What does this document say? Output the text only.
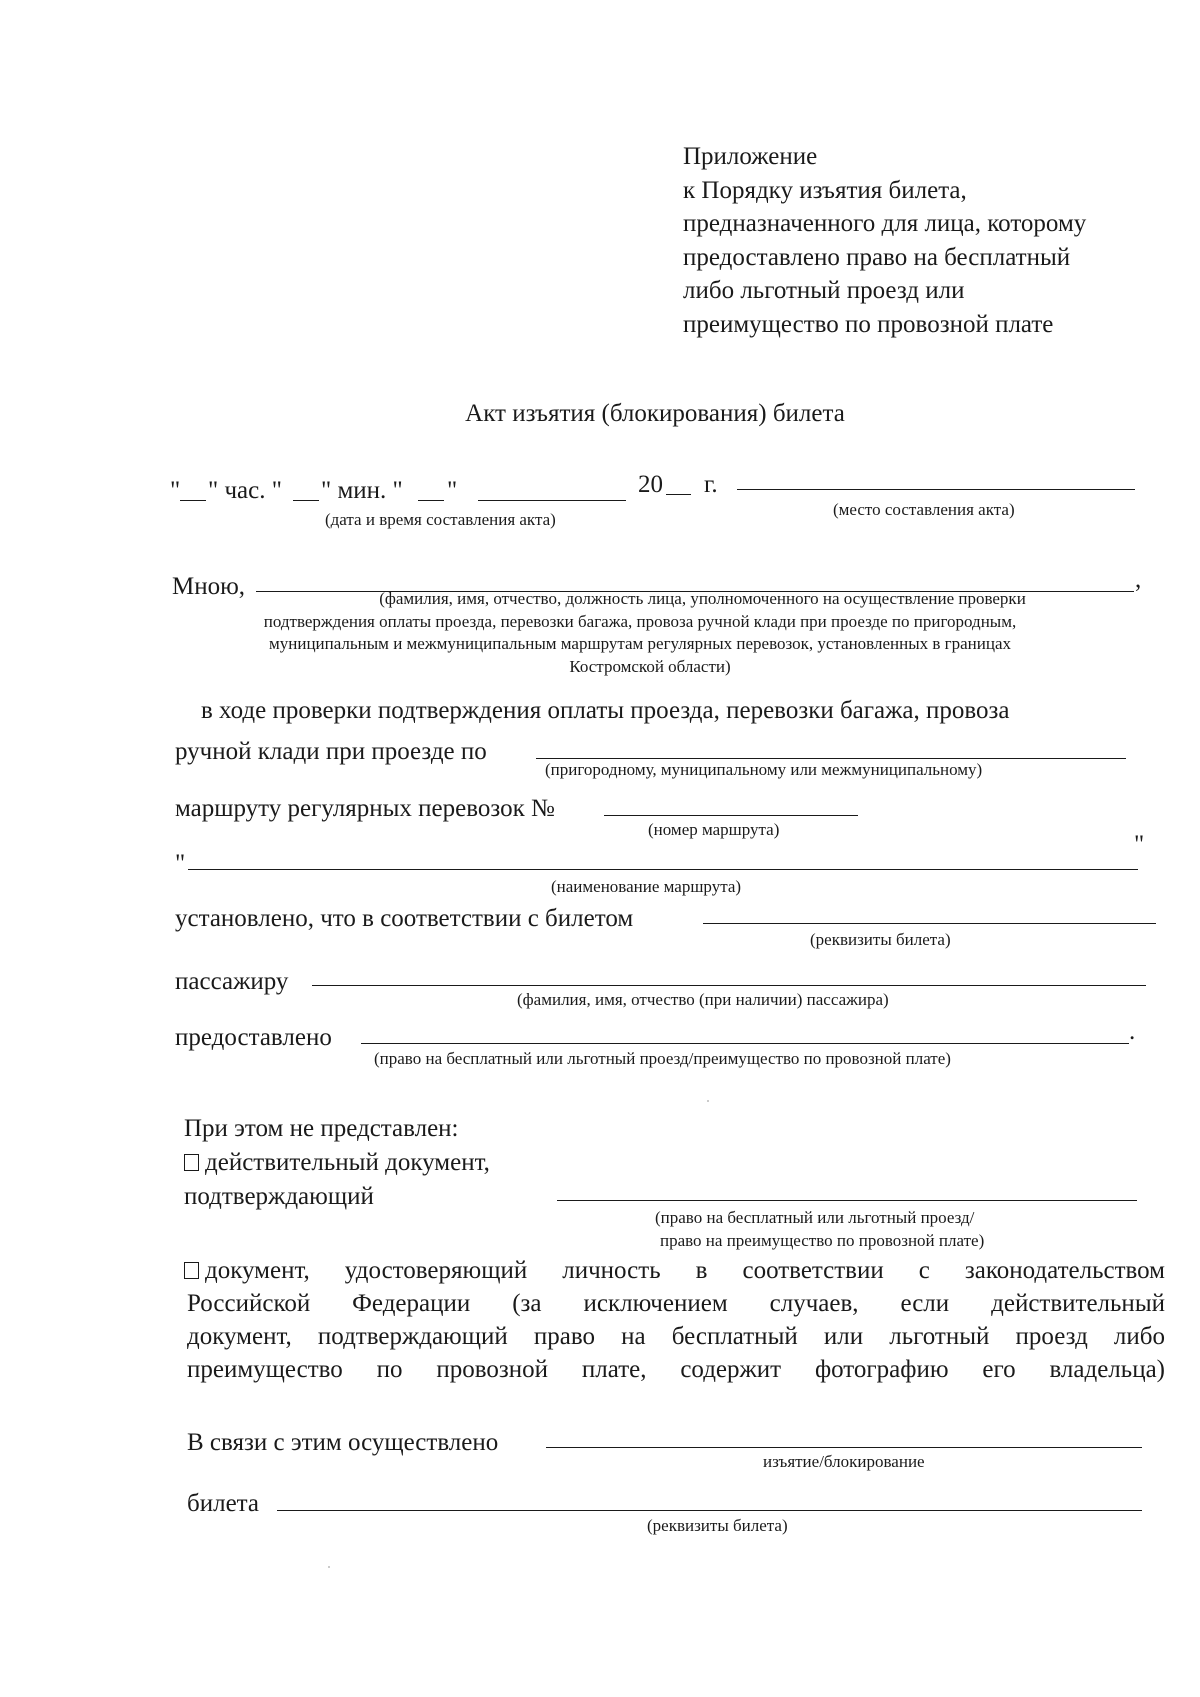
Приложение
к Порядку изъятия билета,
предназначенного для лица, которому
предоставлено право на бесплатный
либо льготный проезд или
преимущество по провозной плате
Акт изъятия (блокирования) билета
" " час. " " мин. " "	20 г.
(дата и время составления акта)
(место составления акта)
Мною,	,
(фамилия, имя, отчество, должность лица, уполномоченного на осуществление проверки
подтверждения оплаты проезда, перевозки багажа, провоза ручной клади при проезде по пригородным,
муниципальным и межмуниципальным маршрутам регулярных перевозок, установленных в границах
Костромской области)
в ходе проверки подтверждения оплаты проезда, перевозки багажа, провоза
ручной клади при проезде по
(пригородному, муниципальному или межмуниципальному)
маршруту регулярных перевозок №
(номер маршрута)
"
"
(наименование маршрута)
установлено, что в соответствии с билетом
(реквизиты билета)
пассажиру
(фамилия, имя, отчество (при наличии) пассажира)
предоставлено	.
(право на бесплатный или льготный проезд/преимущество по провозной плате)
При этом не представлен:
действительный документ,
подтверждающий
(право на бесплатный или льготный проезд/
право на преимущество по провозной плате)
документ, удостоверяющий личность в соответствии с законодательством
Российской Федерации (за исключением случаев, если действительный
документ, подтверждающий право на бесплатный или льготный проезд либо
преимущество по провозной плате, содержит фотографию его владельца)
В связи с этим осуществлено
изъятие/блокирование
билета
(реквизиты билета)
